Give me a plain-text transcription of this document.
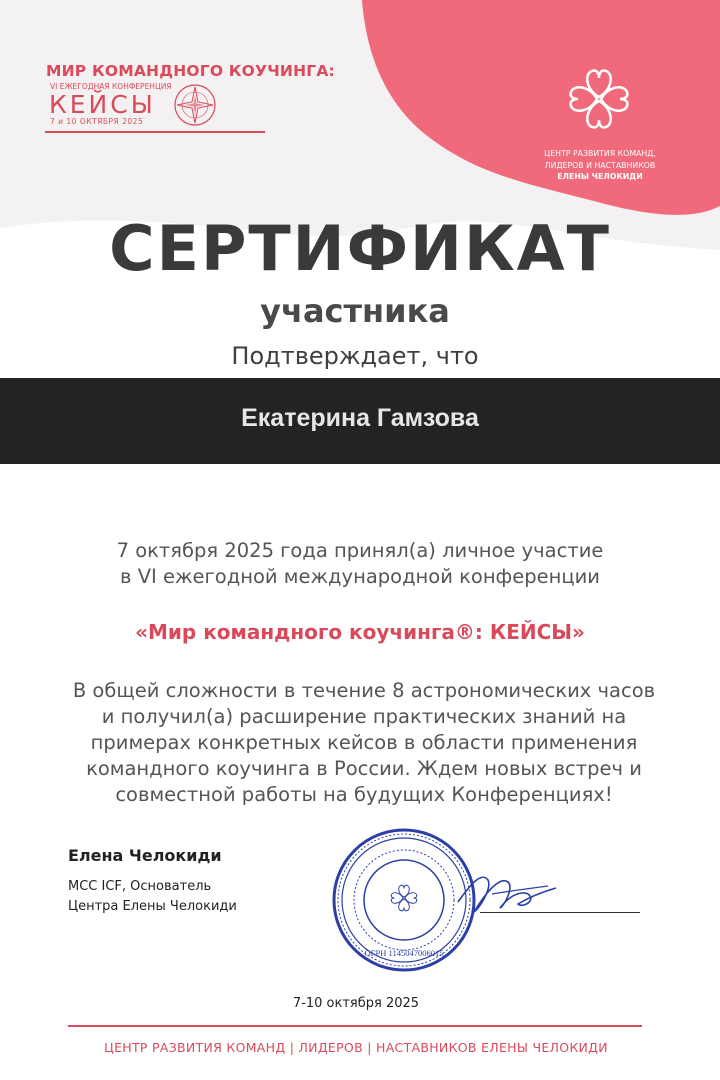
МИР КОМАНДНОГО КОУЧИНГА:
VI ЕЖЕГОДНАЯ КОНФЕРЕНЦИЯ
КЕЙСЫ
7 и 10 ОКТЯБРЯ 2025
ЦЕНТР РАЗВИТИЯ КОМАНД,
ЛИДЕРОВ И НАСТАВНИКОВ
ЕЛЕНЫ ЧЕЛОКИДИ
СЕРТИФИКАТ
участника
Подтверждает, что
Екатерина Гамзова
7 октября 2025 года принял(а) личное участие
в VI ежегодной международной конференции
«Мир командного коучинга®: КЕЙСЫ»
В общей сложности в течение 8 астрономических часов
и получил(а) расширение практических знаний на
примерах конкретных кейсов в области применения
командного коучинга в России. Ждем новых встреч и
совместной работы на будущих Конференциях!
Елена Челокиди
MCC ICF, Основатель
Центра Елены Челокиди
ОГРН 1145047006015
7-10 октября 2025
ЦЕНТР РАЗВИТИЯ КОМАНД | ЛИДЕРОВ | НАСТАВНИКОВ ЕЛЕНЫ ЧЕЛОКИДИ
